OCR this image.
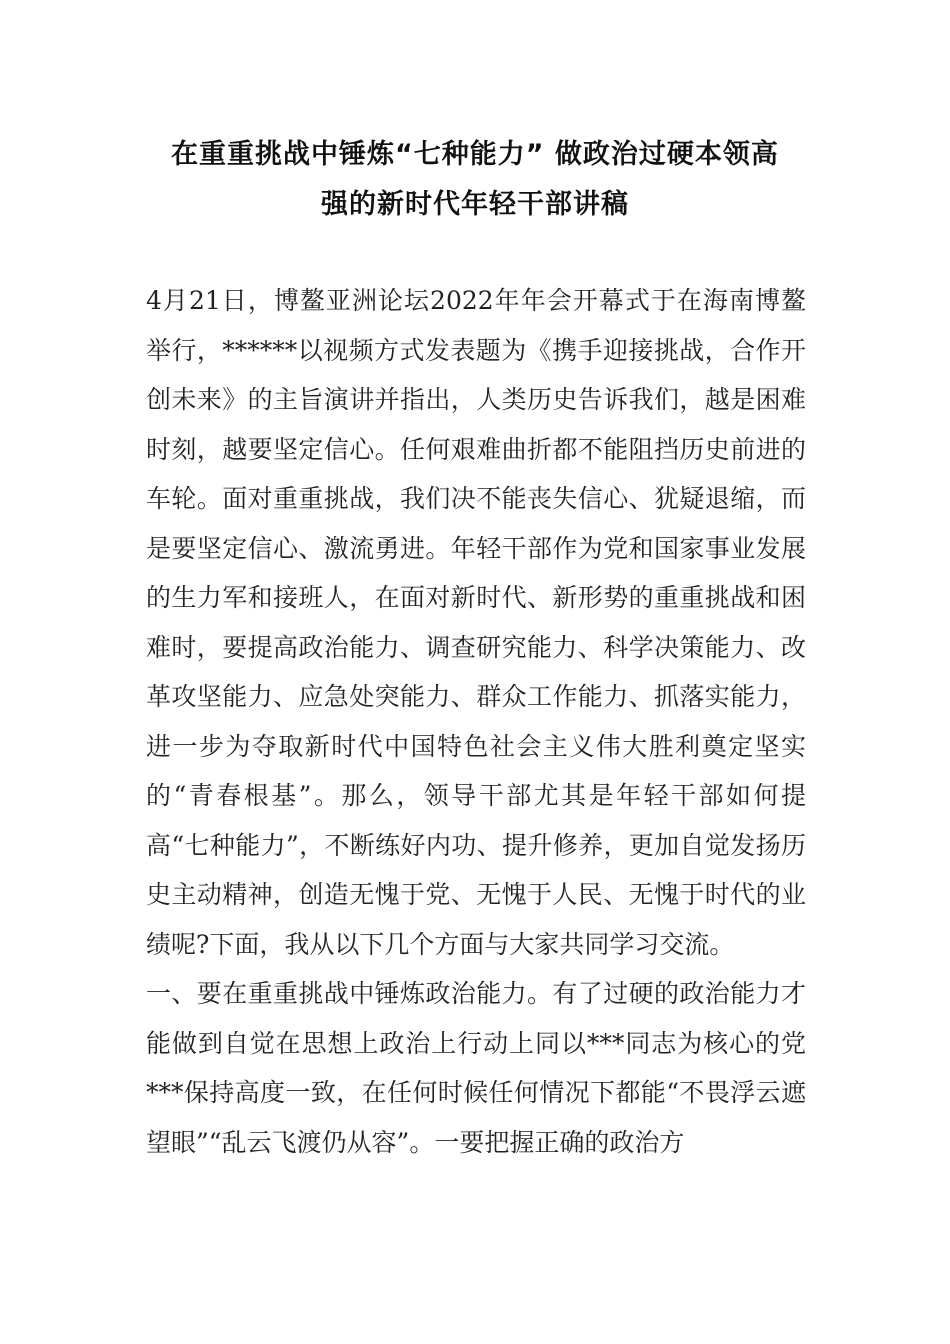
在重重挑战中锤炼“七种能力” 做政治过硬本领高
强的新时代年轻干部讲稿

4月21日，博鳌亚洲论坛2022年年会开幕式于在海南博鳌举行，******以视频方式发表题为《携手迎接挑战，合作开创未来》的主旨演讲并指出，人类历史告诉我们，越是困难时刻，越要坚定信心。任何艰难曲折都不能阻挡历史前进的车轮。面对重重挑战，我们决不能丧失信心、犹疑退缩，而是要坚定信心、激流勇进。年轻干部作为党和国家事业发展的生力军和接班人，在面对新时代、新形势的重重挑战和困难时，要提高政治能力、调查研究能力、科学决策能力、改革攻坚能力、应急处突能力、群众工作能力、抓落实能力，进一步为夺取新时代中国特色社会主义伟大胜利奠定坚实的“青春根基”。那么，领导干部尤其是年轻干部如何提高“七种能力”，不断练好内功、提升修养，更加自觉发扬历史主动精神，创造无愧于党、无愧于人民、无愧于时代的业绩呢?下面，我从以下几个方面与大家共同学习交流。

一、要在重重挑战中锤炼政治能力。有了过硬的政治能力才能做到自觉在思想上政治上行动上同以***同志为核心的党***保持高度一致，在任何时候任何情况下都能“不畏浮云遮望眼”“乱云飞渡仍从容”。一要把握正确的政治方
